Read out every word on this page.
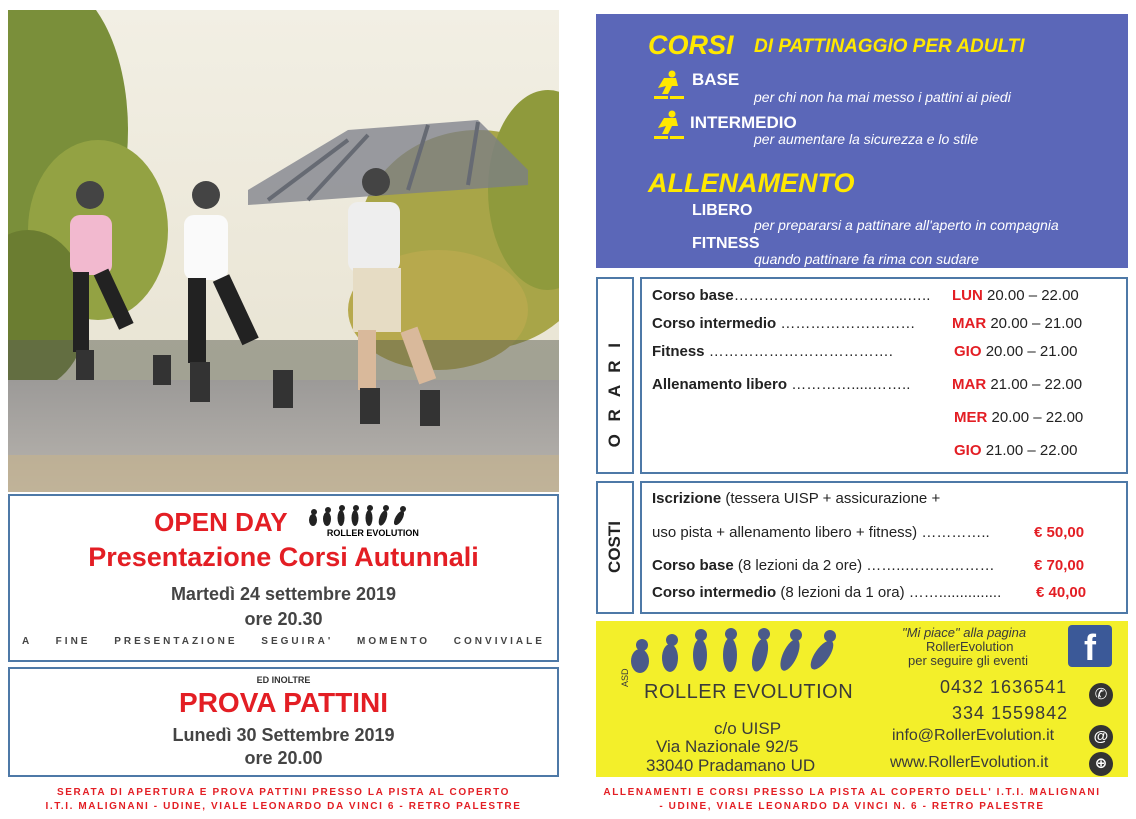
OPEN DAY	ROLLER EVOLUTION
Presentazione Corsi Autunnali
Martedì 24 settembre 2019
ore 20.30
A FINE PRESENTAZIONE SEGUIRA' MOMENTO CONVIVIALE
ED INOLTRE
PROVA PATTINI
Lunedì 30 Settembre 2019
ore 20.00
SERATA DI APERTURA E PROVA PATTINI PRESSO LA PISTA AL COPERTO
I.T.I. MALIGNANI - UDINE, VIALE LEONARDO DA VINCI 6 - RETRO PALESTRE
ALLENAMENTI E CORSI PRESSO LA PISTA AL COPERTO DELL' I.T.I. MALIGNANI
- UDINE, VIALE LEONARDO DA VINCI N. 6 - RETRO PALESTRE
CORSI DI PATTINAGGIO PER ADULTI
BASE
per chi non ha mai messo i pattini ai piedi
INTERMEDIO
per aumentare la sicurezza e lo stile
ALLENAMENTO
LIBERO
per prepararsi a pattinare all'aperto in compagnia
FITNESS
quando pattinare fa rima con sudare
O R A R I
Corso base……………………………..….. LUN 20.00 – 22.00
Corso intermedio ……………………… MAR 20.00 – 21.00
Fitness ……………………………….	GIO 20.00 – 21.00
Allenamento libero ………….....……..	MAR 21.00 – 22.00
MER 20.00 – 22.00
GIO 21.00 – 22.00
COSTI
Iscrizione (tessera UISP + assicurazione +
uso pista + allenamento libero + fitness) …………..	€ 50,00
Corso base (8 lezioni da 2 ore) ……..………………	€ 70,00
Corso intermedio (8 lezioni da 1 ora) ……............... € 40,00
ASD
ROLLER EVOLUTION
c/o UISP
Via Nazionale 92/5
33040 Pradamano UD
"Mi piace" alla pagina
RollerEvolution
per seguire gli eventi	f
0432 1636541	✆
334 1559842
info@RollerEvolution.it	@
www.RollerEvolution.it	⊕
